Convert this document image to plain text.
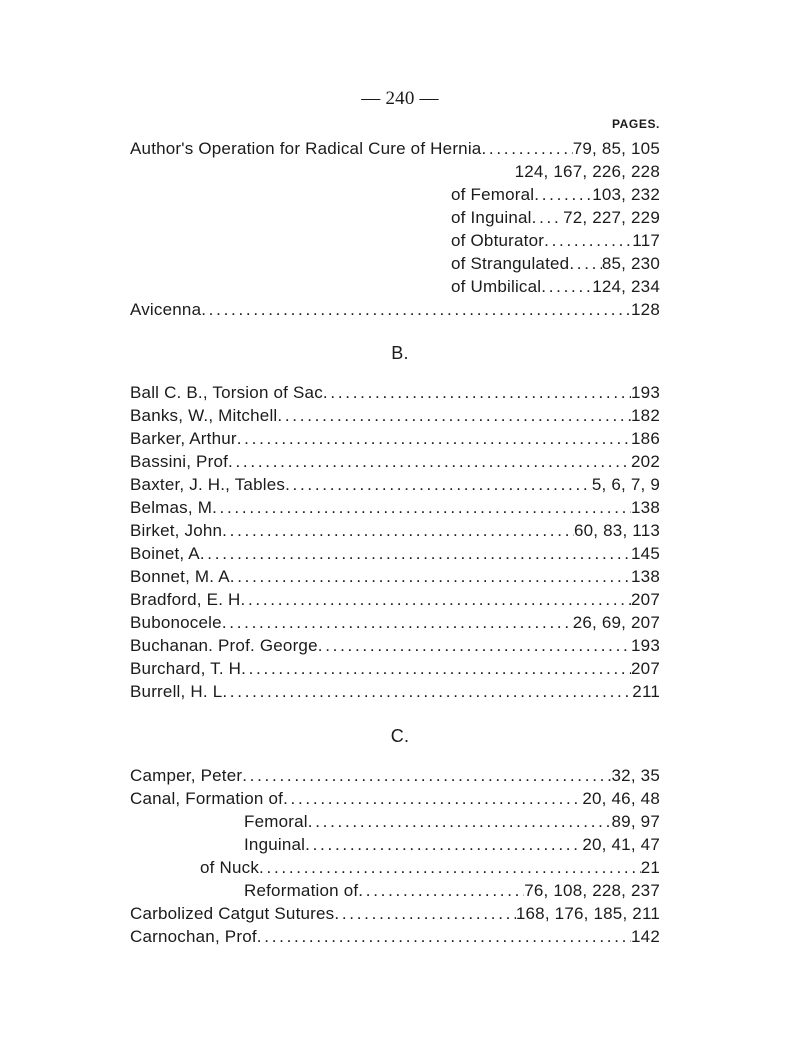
— 240 —
PAGES.
Author's Operation for Radical Cure of Hernia . . .	79, 85, 105
124, 167, 226, 228
of Femoral . . .	103, 232
of Inguinal . . . 72, 227, 229
of Obturator . . .	117
of Strangulated . . . 85, 230
of Umbilical . . .	124, 234
Avicenna . . .	128
B.
Ball C. B., Torsion of Sac . . .	193
Banks, W., Mitchell . . .	182
Barker, Arthur . . .	186
Bassini, Prof . . .	202
Baxter, J. H., Tables . . .	5, 6, 7, 9
Belmas, M . . .	138
Birket, John . . .	60, 83, 113
Boinet, A . . .	145
Bonnet, M. A . . .	138
Bradford, E. H . . .	207
Bubonocele . . .	26, 69, 207
Buchanan. Prof. George . . .	193
Burchard, T. H . . .	207
Burrell, H. L . . .	211
C.
Camper, Peter . . .	32, 35
Canal, Formation of . . .	20, 46, 48
Femoral . . .	89, 97
Inguinal . . .	20, 41, 47
of Nuck . . .	21
Reformation of . . .	76, 108, 228, 237
Carbolized Catgut Sutures . . .	168, 176, 185, 211
Carnochan, Prof . . .	142
